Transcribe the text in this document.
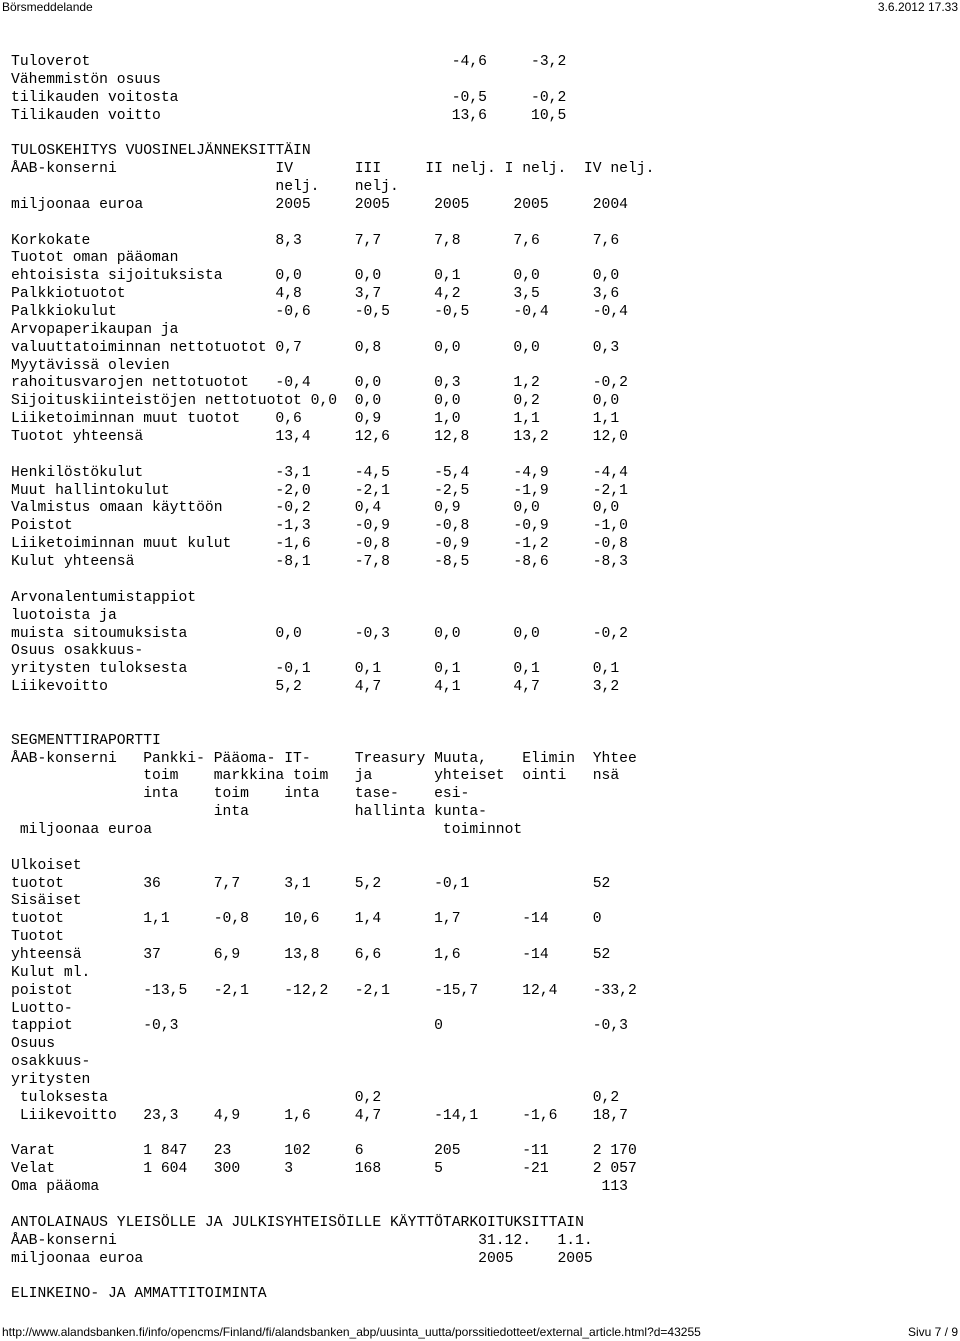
Börsmeddelande	3.6.2012 17.33
Tuloverot                                         -4,6     -3,2
Vähemmistön osuus
tilikauden voitosta                               -0,5     -0,2
Tilikauden voitto                                 13,6     10,5
TULOSKEHITYS VUOSINELJÄNNEKSITTÄIN
ÅAB-konserni                  IV       III     II nelj. I nelj.  IV nelj.
nelj.    nelj.
miljoonaa euroa               2005     2005     2005     2005     2004
Korkokate                     8,3      7,7      7,8      7,6      7,6
Tuotot oman pääoman
ehtoisista sijoituksista      0,0      0,0      0,1      0,0      0,0
Palkkiotuotot                 4,8      3,7      4,2      3,5      3,6
Palkkiokulut                  -0,6     -0,5     -0,5     -0,4     -0,4
Arvopaperikaupan ja
valuuttatoiminnan nettotuotot 0,7      0,8      0,0      0,0      0,3
Myytävissä olevien
rahoitusvarojen nettotuotot   -0,4     0,0      0,3      1,2      -0,2
Sijoituskiinteistöjen nettotuotot 0,0  0,0      0,0      0,2      0,0
Liiketoiminnan muut tuotot    0,6      0,9      1,0      1,1      1,1
Tuotot yhteensä               13,4     12,6     12,8     13,2     12,0
Henkilöstökulut               -3,1     -4,5     -5,4     -4,9     -4,4
Muut hallintokulut            -2,0     -2,1     -2,5     -1,9     -2,1
Valmistus omaan käyttöön      -0,2     0,4      0,9      0,0      0,0
Poistot                       -1,3     -0,9     -0,8     -0,9     -1,0
Liiketoiminnan muut kulut     -1,6     -0,8     -0,9     -1,2     -0,8
Kulut yhteensä                -8,1     -7,8     -8,5     -8,6     -8,3
Arvonalentumistappiot
luotoista ja
muista sitoumuksista          0,0      -0,3     0,0      0,0      -0,2
Osuus osakkuus-
yritysten tuloksesta          -0,1     0,1      0,1      0,1      0,1
Liikevoitto                   5,2      4,7      4,1      4,7      3,2
SEGMENTTIRAPORTTI
ÅAB-konserni   Pankki- Pääoma- IT-     Treasury Muuta,    Elimin  Yhtee
toim    markkina toim   ja       yhteiset  ointi   nsä
inta    toim    inta    tase-    esi-
inta            hallinta kunta-
miljoonaa euroa                                 toiminnot
Ulkoiset
tuotot         36      7,7     3,1     5,2      -0,1              52
Sisäiset
tuotot         1,1     -0,8    10,6    1,4      1,7       -14     0
Tuotot
yhteensä       37      6,9     13,8    6,6      1,6       -14     52
Kulut ml.
poistot        -13,5   -2,1    -12,2   -2,1     -15,7     12,4    -33,2
Luotto-
tappiot        -0,3                             0                 -0,3
Osuus
osakkuus-
yritysten
tuloksesta                            0,2                        0,2
Liikevoitto   23,3    4,9     1,6     4,7      -14,1     -1,6    18,7
Varat          1 847   23      102     6        205       -11     2 170
Velat          1 604   300     3       168      5         -21     2 057
Oma pääoma                                                         113
ANTOLAINAUS YLEISÖLLE JA JULKISYHTEISÖILLE KÄYTTÖTARKOITUKSITTAIN
ÅAB-konserni                                         31.12.   1.1.
miljoonaa euroa                                      2005     2005
ELINKEINO- JA AMMATTITOIMINTA
http://www.alandsbanken.fi/info/opencms/Finland/fi/alandsbanken_abp/uusinta_uutta/porssitiedotteet/external_article.html?d=43255	Sivu 7 / 9
